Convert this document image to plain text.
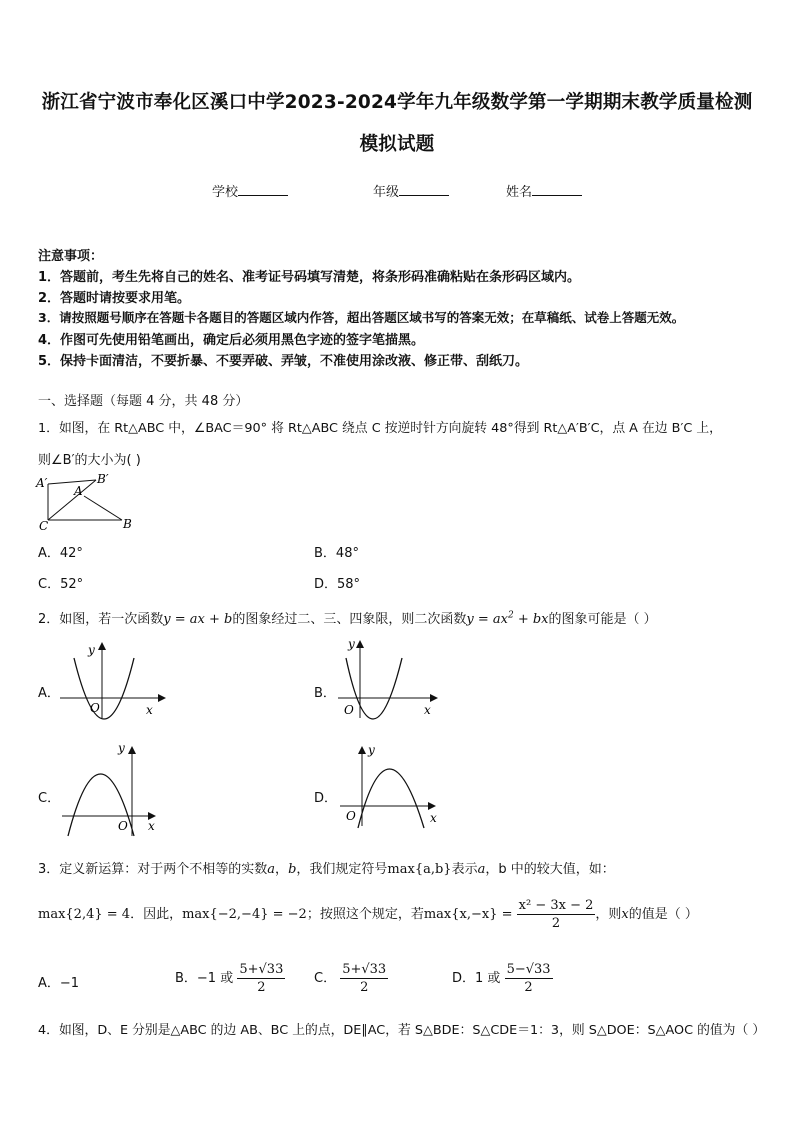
浙江省宁波市奉化区溪口中学2023-2024学年九年级数学第一学期期末教学质量检测
模拟试题
学校	年级	姓名
注意事项：
1．答题前，考生先将自己的姓名、准考证号码填写清楚，将条形码准确粘贴在条形码区域内。
2．答题时请按要求用笔。
3．请按照题号顺序在答题卡各题目的答题区域内作答，超出答题区域书写的答案无效；在草稿纸、试卷上答题无效。
4．作图可先使用铅笔画出，确定后必须用黑色字迹的签字笔描黑。
5．保持卡面清洁，不要折暴、不要弄破、弄皱，不准使用涂改液、修正带、刮纸刀。
一、选择题（每题 4 分，共 48 分）
1．如图，在 Rt△ABC 中，∠BAC＝90° 将 Rt△ABC 绕点 C 按逆时针方向旋转 48°得到 Rt△A′B′C，点 A 在边 B′C 上，
则∠B′的大小为( )
A′	B′
A
C	B
A．42°	B．48°
C．52°	D．58°
2．如图，若一次函数y = ax + b的图象经过二、三、四象限，则二次函数$y = ax^2$ + bx的图象可能是（ ）
A．
y
x
O
B．
y
x
O
C．
y
x
O
D．
y
x
O
3．定义新运算：对于两个不相等的实数a，b，我们规定符号max{a,b}表示a，b 中的较大值，如：
max{2,4} = 4．因此，max{−2,−4} = −2；按照这个规定，若$\max\{x,-x\} = \frac{\text{x² − 3x − 2}}{2}$ ，则x的值是（ ）
A．−1	B．−1 或 $\frac{5+√33}{2}$ C． $\frac{5+√33}{2}$	D．1 或 $\frac{5-√33}{2}$
4．如图，D、E 分别是△ABC 的边 AB、BC 上的点，DE∥AC，若 S△BDE：S△CDE＝1：3，则 S△DOE：S△AOC 的值为（ ）
